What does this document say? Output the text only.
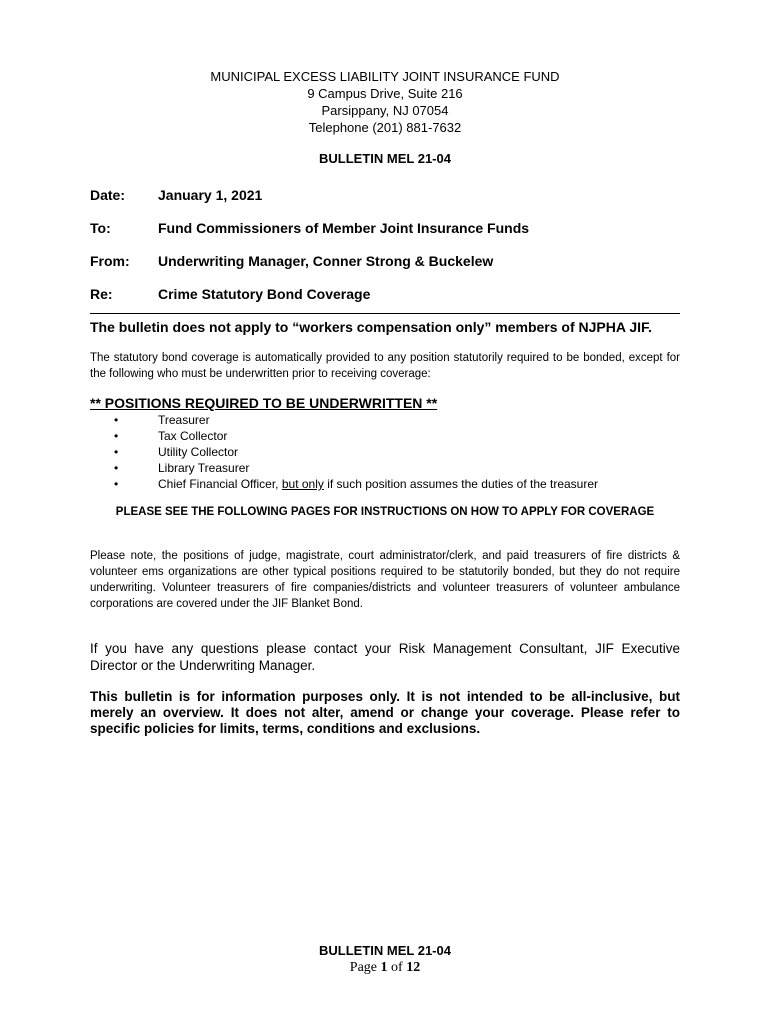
MUNICIPAL EXCESS LIABILITY JOINT INSURANCE FUND
9 Campus Drive, Suite 216
Parsippany, NJ 07054
Telephone (201) 881-7632
BULLETIN MEL 21-04
Date: January 1, 2021
To:	Fund Commissioners of Member Joint Insurance Funds
From: Underwriting Manager, Conner Strong & Buckelew
Re:	Crime Statutory Bond Coverage
The bulletin does not apply to “workers compensation only” members of NJPHA JIF.
The statutory bond coverage is automatically provided to any position statutorily required to be bonded, except for the following who must be underwritten prior to receiving coverage:
** POSITIONS REQUIRED TO BE UNDERWRITTEN **
• Treasurer
• Tax Collector
• Utility Collector
• Library Treasurer
• Chief Financial Officer, but only if such position assumes the duties of the treasurer
PLEASE SEE THE FOLLOWING PAGES FOR INSTRUCTIONS ON HOW TO APPLY FOR COVERAGE
Please note, the positions of judge, magistrate, court administrator/clerk, and paid treasurers of fire districts & volunteer ems organizations are other typical positions required to be statutorily bonded, but they do not require underwriting. Volunteer treasurers of fire companies/districts and volunteer treasurers of volunteer ambulance corporations are covered under the JIF Blanket Bond.
If you have any questions please contact your Risk Management Consultant, JIF Executive Director or the Underwriting Manager.
This bulletin is for information purposes only. It is not intended to be all-inclusive, but merely an overview. It does not alter, amend or change your coverage. Please refer to specific policies for limits, terms, conditions and exclusions.
BULLETIN MEL 21-04
Page 1 of 12
